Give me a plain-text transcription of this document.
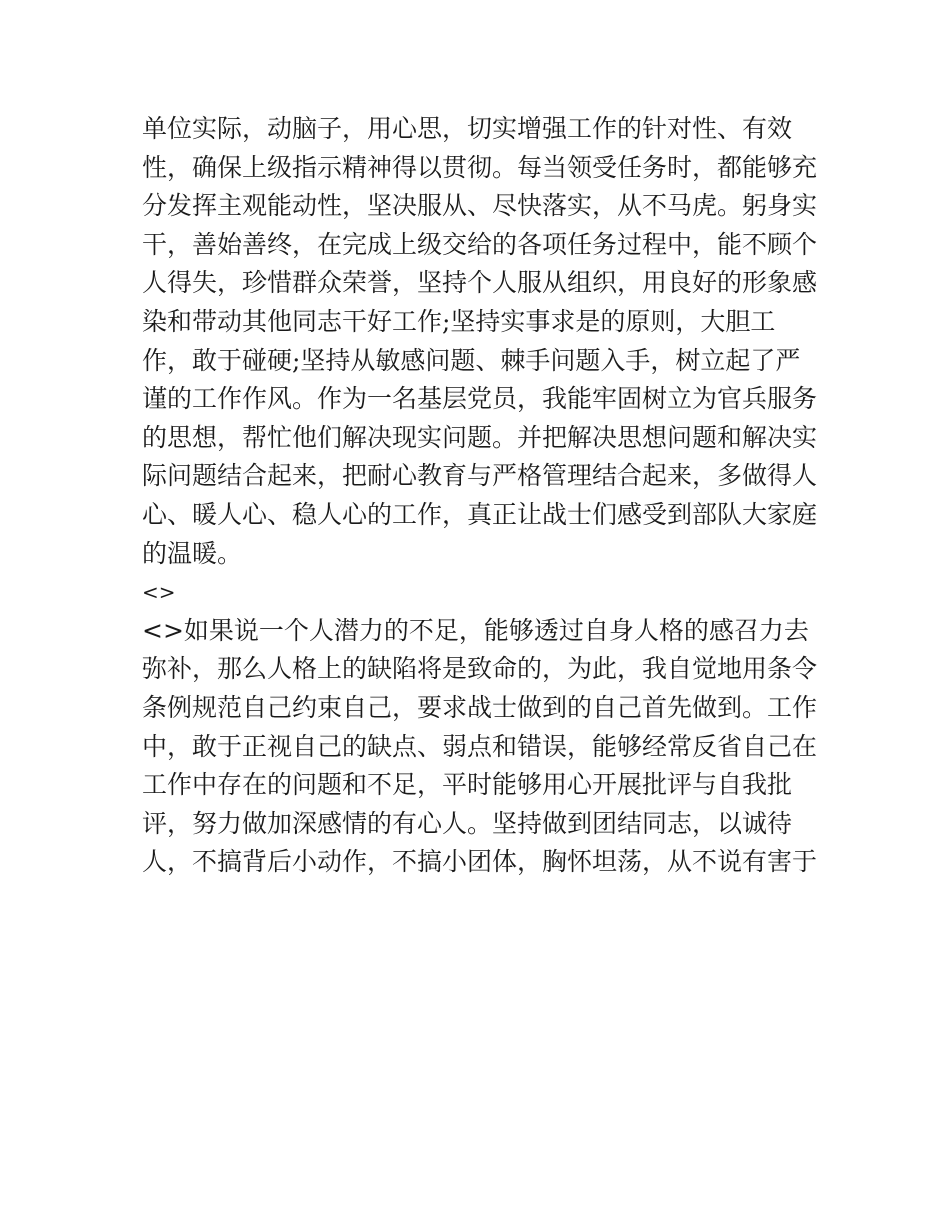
单位实际，动脑子，用心思，切实增强工作的针对性、有效
性，确保上级指示精神得以贯彻。每当领受任务时，都能够充
分发挥主观能动性，坚决服从、尽快落实，从不马虎。躬身实
干，善始善终，在完成上级交给的各项任务过程中，能不顾个
人得失，珍惜群众荣誉，坚持个人服从组织，用良好的形象感
染和带动其他同志干好工作;坚持实事求是的原则，大胆工
作，敢于碰硬;坚持从敏感问题、棘手问题入手，树立起了严
谨的工作作风。作为一名基层党员，我能牢固树立为官兵服务
的思想，帮忙他们解决现实问题。并把解决思想问题和解决实
际问题结合起来，把耐心教育与严格管理结合起来，多做得人
心、暖人心、稳人心的工作，真正让战士们感受到部队大家庭
的温暖。
<>
<>如果说一个人潜力的不足，能够透过自身人格的感召力去
弥补，那么人格上的缺陷将是致命的，为此，我自觉地用条令
条例规范自己约束自己，要求战士做到的自己首先做到。工作
中，敢于正视自己的缺点、弱点和错误，能够经常反省自己在
工作中存在的问题和不足，平时能够用心开展批评与自我批
评，努力做加深感情的有心人。坚持做到团结同志，以诚待
人，不搞背后小动作，不搞小团体，胸怀坦荡，从不说有害于
